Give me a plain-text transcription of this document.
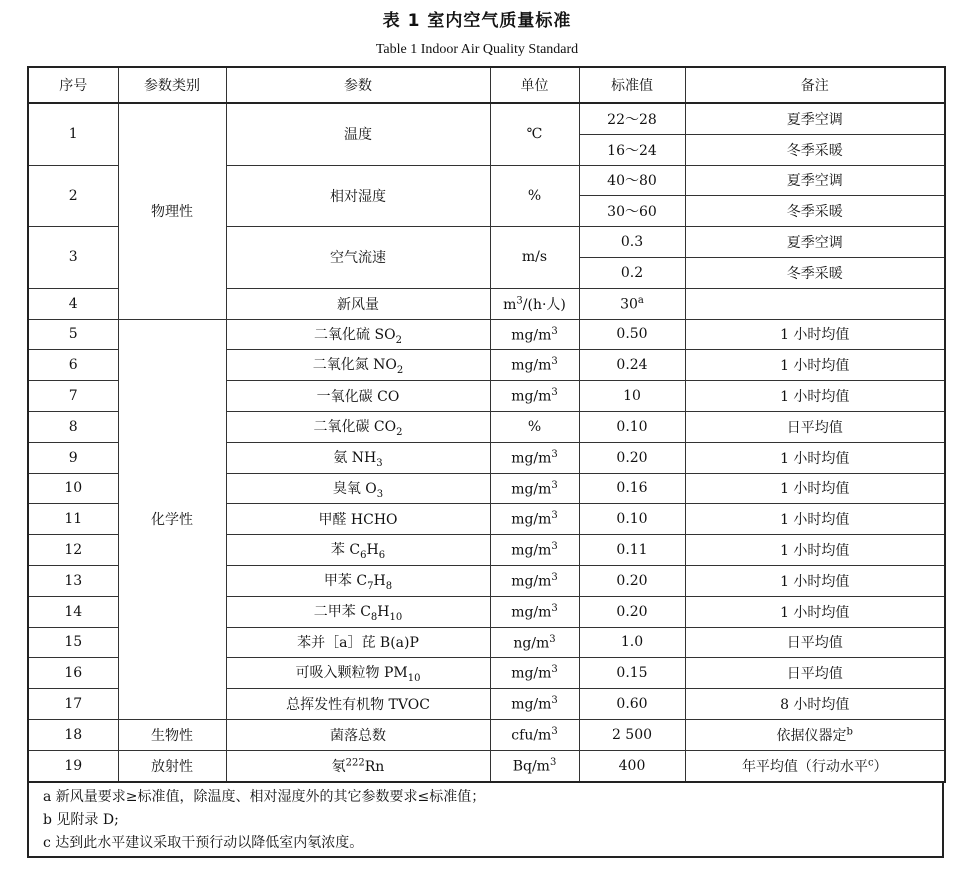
表 1 室内空气质量标准
Table 1 Indoor Air Quality Standard
序号	参数类别	参数	单位	标准值	备注
1	物理性	温度	℃	22～28	夏季空调
				16～24	冬季采暖
2		相对湿度	%	40～80	夏季空调
				30～60	冬季采暖
3		空气流速	m/s	0.3	夏季空调
				0.2	冬季采暖
4		新风量	$m^3/(h\cdot$人)	30$^a$	
5	化学性	二氧化硫 $SO_2$	$mg/m^3$	0.50	1 小时均值
6		二氧化氮 $NO_2$	$mg/m^3$	0.24	1 小时均值
7		一氧化碳 CO	$mg/m^3$	10	1 小时均值
8		二氧化碳 $CO_2$	%	0.10	日平均值
9		氨 $NH_3$	$mg/m^3$	0.20	1 小时均值
10		臭氧 $O_3$	$mg/m^3$	0.16	1 小时均值
11		甲醛 HCHO	$mg/m^3$	0.10	1 小时均值
12		苯 $C_6H_6$	$mg/m^3$	0.11	1 小时均值
13		甲苯 $C_7H_8$	$mg/m^3$	0.20	1 小时均值
14		二甲苯 $C_8H_{10}$	$mg/m^3$	0.20	1 小时均值
15		苯并［a］芘 B(a)P	$ng/m^3$	1.0	日平均值
16		可吸入颗粒物 $PM_{10}$	$mg/m^3$	0.15	日平均值
17		总挥发性有机物 TVOC	$mg/m^3$	0.60	8 小时均值
18	生物性	菌落总数	cfu/$m^3$	2 500	依据仪器定$^b$
19	放射性	氡$^{222}$Rn	$Bq/m^3$	400	年平均值（行动水平$^c$）
a 新风量要求≥标准值，除温度、相对湿度外的其它参数要求≤标准值；
b 见附录 D;
c 达到此水平建议采取干预行动以降低室内氡浓度。
